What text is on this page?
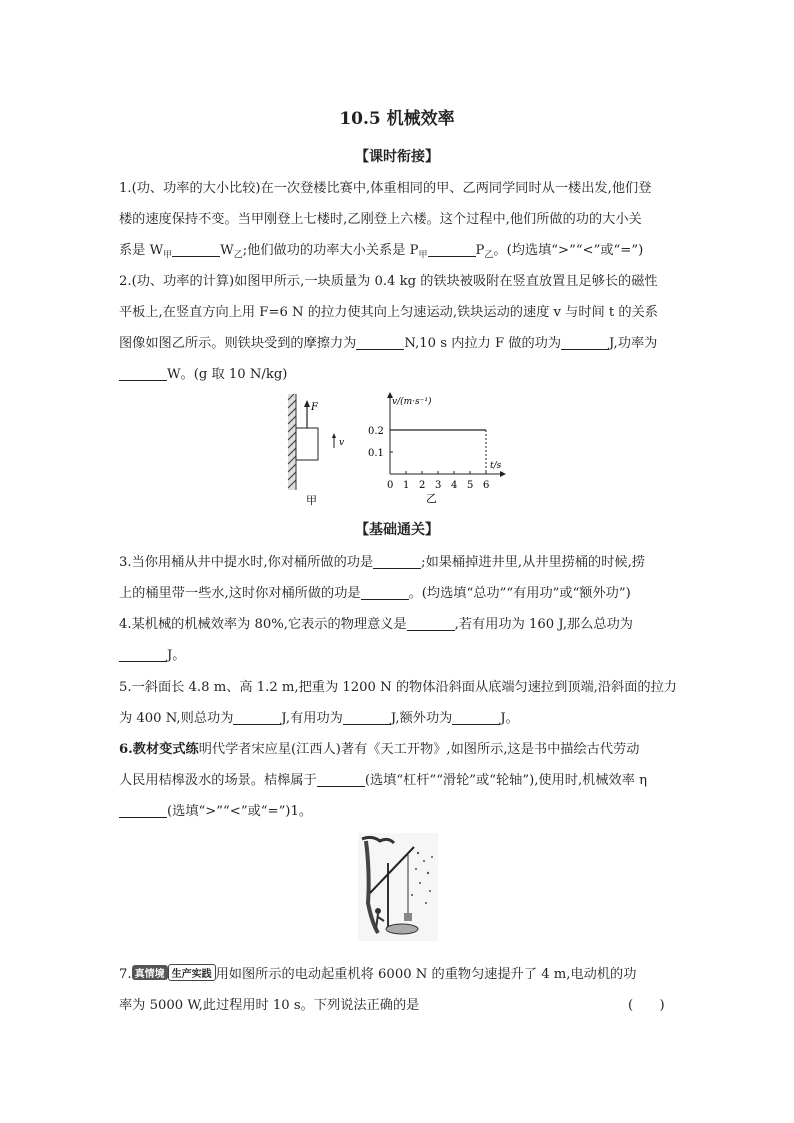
10.5 机械效率
【课时衔接】
1.(功、功率的大小比较)在一次登楼比赛中,体重相同的甲、乙两同学同时从一楼出发,他们登
楼的速度保持不变。当甲刚登上七楼时,乙刚登上六楼。这个过程中,他们所做的功的大小关
系是 $W_甲$	$W_乙$;他们做功的功率大小关系是 $P_甲$	$P_乙$。(均选填“>”“<”或“=”)
2.(功、功率的计算)如图甲所示,一块质量为 0.4 kg 的铁块被吸附在竖直放置且足够长的磁性
平板上,在竖直方向上用 F=6 N 的拉力使其向上匀速运动,铁块运动的速度 v 与时间 t 的关系
图像如图乙所示。则铁块受到的摩擦力为	N,10 s 内拉力 F 做的功为	J,功率为
W。(g 取 10 N/kg)
F
v
甲
0.2
0.1
0 1 2 3 4 5 6
v/(m·s⁻¹)
t/s
乙
【基础通关】
3.当你用桶从井中提水时,你对桶所做的功是	;如果桶掉进井里,从井里捞桶的时候,捞
上的桶里带一些水,这时你对桶所做的功是	。(均选填“总功”“有用功”或“额外功”)
4.某机械的机械效率为 80%,它表示的物理意义是	,若有用功为 160 J,那么总功为
J。
5.一斜面长 4.8 m、高 1.2 m,把重为 1200 N 的物体沿斜面从底端匀速拉到顶端,沿斜面的拉力
为 400 N,则总功为	J,有用功为	J,额外功为	J。
6.教材变式练明代学者宋应星(江西人)著有《天工开物》,如图所示,这是书中描绘古代劳动
人民用桔槔汲水的场景。桔槔属于	(选填“杠杆”“滑轮”或“轮轴”),使用时,机械效率 η
(选填“>”“<”或“=”)1。
7. 真情境 生产实践 用如图所示的电动起重机将 6000 N 的重物匀速提升了 4 m,电动机的功
率为 5000 W,此过程用时 10 s。下列说法正确的是	(　　)
